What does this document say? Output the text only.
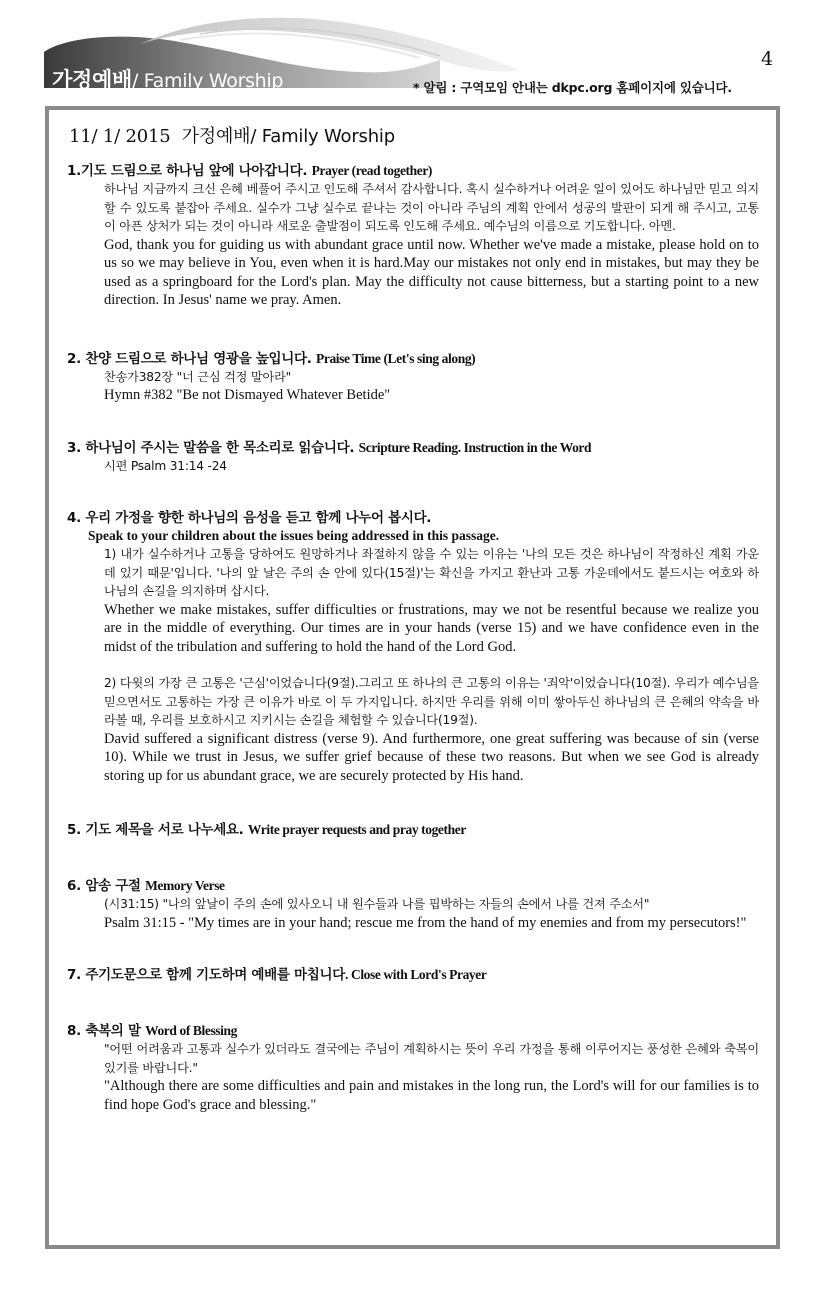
가정예배/ Family Worship
4
* 알림 : 구역모임 안내는 dkpc.org 홈페이지에 있습니다.
11/ 1/ 2015 가정예배/ Family Worship
1.기도 드림으로 하나님 앞에 나아갑니다. Prayer (read together)

하나님 지금까지 크신 은혜 베풀어 주시고 인도해 주셔서 감사합니다. 혹시 실수하거나 어려운 일이 있어도 하나님만 믿고 의지할 수 있도록 붙잡아 주세요. 실수가 그냥 실수로 끝나는 것이 아니라 주님의 계획 안에서 성공의 발판이 되게 해 주시고, 고통이 아픈 상처가 되는 것이 아니라 새로운 출발점이 되도록 인도해 주세요. 예수님의 이름으로 기도합니다. 아멘.

God, thank you for guiding us with abundant grace until now. Whether we've made a mistake, please hold on to us so we may believe in You, even when it is hard.May our mistakes not only end in mistakes, but may they be used as a springboard for the Lord's plan. May the difficulty not cause bitterness, but a starting point to a new direction. In Jesus' name we pray. Amen.

2. 찬양 드림으로 하나님 영광을 높입니다. Praise Time (Let's sing along)

찬송가382장 "너 근심 걱정 말아라"

Hymn #382 "Be not Dismayed Whatever Betide"

3. 하나님이 주시는 말씀을 한 목소리로 읽습니다. Scripture Reading. Instruction in the Word

시편 Psalm 31:14 -24

4. 우리 가정을 향한 하나님의 음성을 듣고 함께 나누어 봅시다.
Speak to your children about the issues being addressed in this passage.

1) 내가 실수하거나 고통을 당하여도 원망하거나 좌절하지 않을 수 있는 이유는 '나의 모든 것은 하나님이 작정하신 계획 가운데 있기 때문'입니다. '나의 앞 날은 주의 손 안에 있다(15절)'는 확신을 가지고 환난과 고통 가운데에서도 붙드시는 여호와 하나님의 손길을 의지하며 삽시다.

Whether we make mistakes, suffer difficulties or frustrations, may we not be resentful because we realize you are in the middle of everything. Our times are in your hands (verse 15) and we have confidence even in the midst of the tribulation and suffering to hold the hand of the Lord God.

2) 다윗의 가장 큰 고통은 '근심'이었습니다(9절).그리고 또 하나의 큰 고통의 이유는 '죄악'이었습니다(10절). 우리가 예수님을 믿으면서도 고통하는 가장 큰 이유가 바로 이 두 가지입니다. 하지만 우리를 위해 이미 쌓아두신 하나님의 큰 은혜의 약속을 바라볼 때, 우리를 보호하시고 지키시는 손길을 체험할 수 있습니다(19절).

David suffered a significant distress (verse 9). And furthermore, one great suffering was because of sin (verse 10). While we trust in Jesus, we suffer grief because of these two reasons. But when we see God is already storing up for us abundant grace, we are securely protected by His hand.

5. 기도 제목을 서로 나누세요. Write prayer requests and pray together
6. 암송 구절 Memory Verse

(시31:15) "나의 앞날이 주의 손에 있사오니 내 원수들과 나를 핍박하는 자들의 손에서 나를 건져 주소서"

Psalm 31:15 - "My times are in your hand; rescue me from the hand of my enemies and from my persecutors!"

7. 주기도문으로 함께 기도하며 예배를 마칩니다. Close with Lord's Prayer
8. 축복의 말 Word of Blessing

"어떤 어려움과 고통과 실수가 있더라도 결국에는 주님이 계획하시는 뜻이 우리 가정을 통해 이루어지는 풍성한 은혜와 축복이 있기를 바랍니다."

"Although there are some difficulties and pain and mistakes in the long run, the Lord's will for our families is to find hope God's grace and blessing."
